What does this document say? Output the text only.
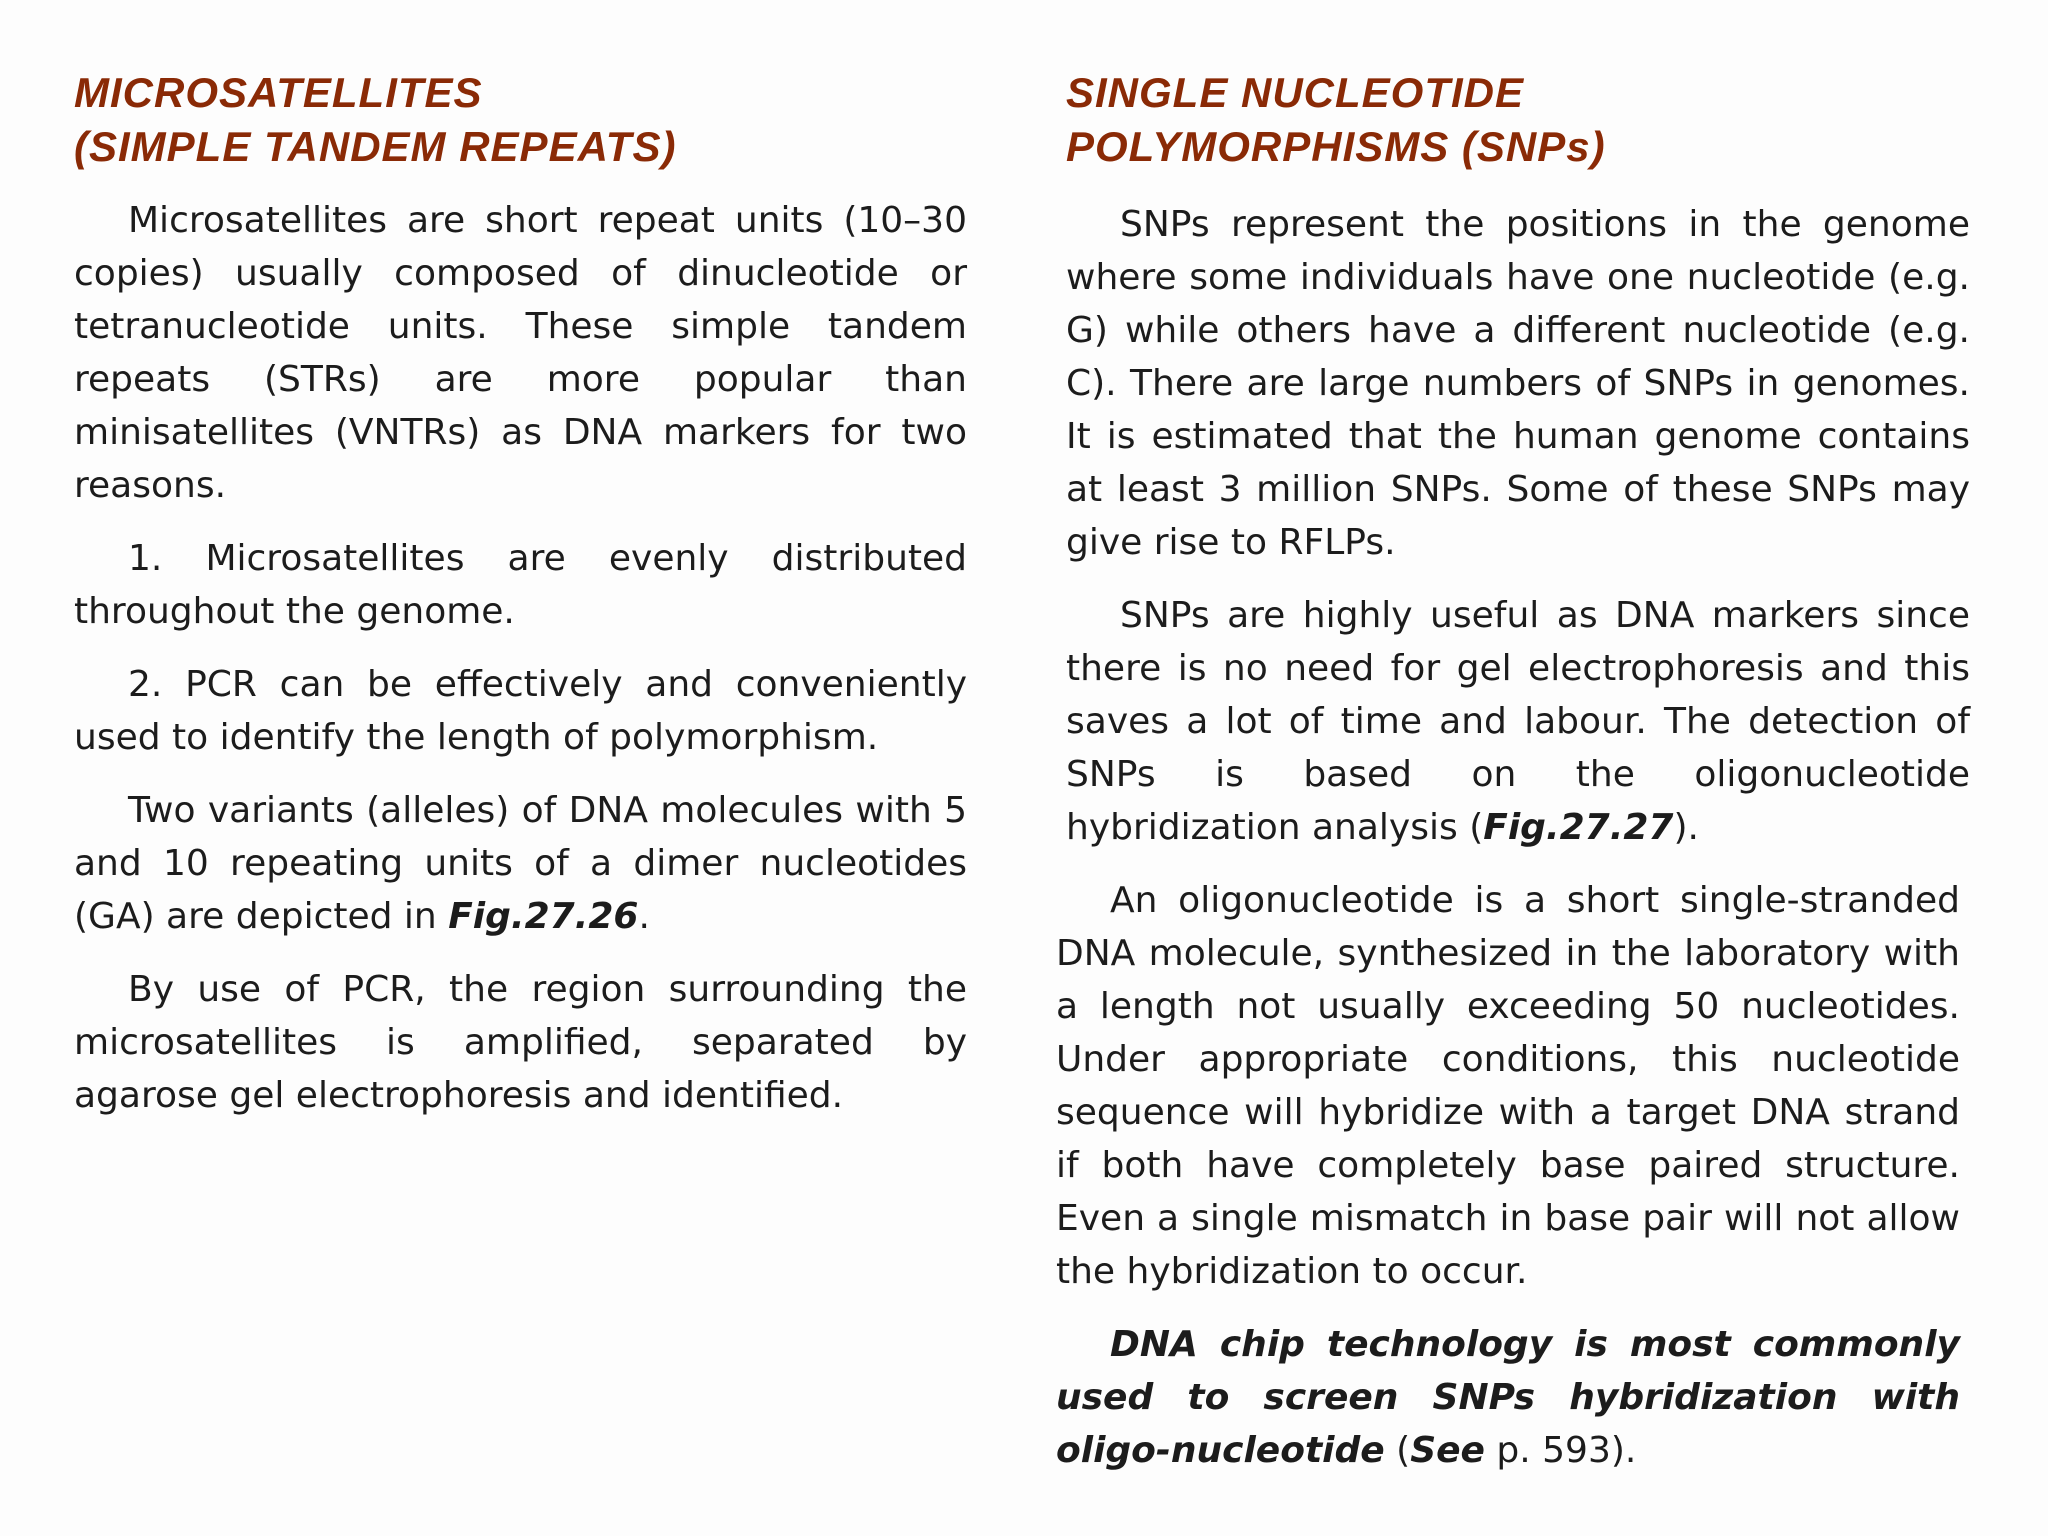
MICROSATELLITES
(SIMPLE TANDEM REPEATS)

Microsatellites are short repeat units (10–30 copies) usually composed of dinucleotide or tetranucleotide units. These simple tandem repeats (STRs) are more popular than minisatellites (VNTRs) as DNA markers for two reasons.

1. Microsatellites are evenly distributed throughout the genome.

2. PCR can be effectively and conveniently used to identify the length of polymorphism.

Two variants (alleles) of DNA molecules with 5 and 10 repeating units of a dimer nucleotides (GA) are depicted in Fig.27.26.

By use of PCR, the region surrounding the microsatellites is amplified, separated by agarose gel electrophoresis and identified.

SINGLE NUCLEOTIDE
POLYMORPHISMS (SNPs)

SNPs represent the positions in the genome where some individuals have one nucleotide (e.g. G) while others have a different nucleotide (e.g. C). There are large numbers of SNPs in genomes. It is estimated that the human genome contains at least 3 million SNPs. Some of these SNPs may give rise to RFLPs.

SNPs are highly useful as DNA markers since there is no need for gel electrophoresis and this saves a lot of time and labour. The detection of SNPs is based on the oligonucleotide hybridization analysis (Fig.27.27).

An oligonucleotide is a short single-stranded DNA molecule, synthesized in the laboratory with a length not usually exceeding 50 nucleotides. Under appropriate conditions, this nucleotide sequence will hybridize with a target DNA strand if both have completely base paired structure. Even a single mismatch in base pair will not allow the hybridization to occur.

DNA chip technology is most commonly used to screen SNPs hybridization with oligo-nucleotide (See p. 593).
